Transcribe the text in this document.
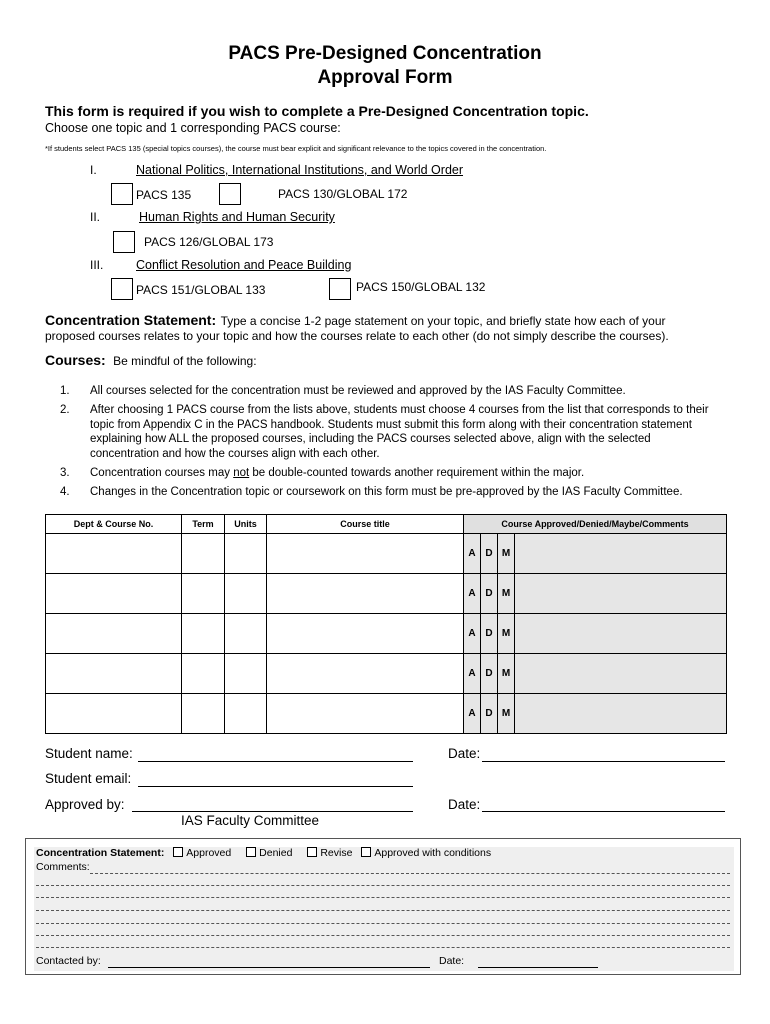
PACS Pre-Designed Concentration
Approval Form
This form is required if you wish to complete a Pre-Designed Concentration topic.
Choose one topic and 1 corresponding PACS course:
*If students select PACS 135 (special topics courses), the course must bear explicit and significant relevance to the topics covered in the concentration.
I.	National Politics, International Institutions, and World Order
PACS 135	PACS 130/GLOBAL 172
II.	Human Rights and Human Security
PACS 126/GLOBAL 173
III.	Conflict Resolution and Peace Building
PACS 151/GLOBAL 133	PACS 150/GLOBAL 132
Concentration Statement: Type a concise 1-2 page statement on your topic, and briefly state how each of your
proposed courses relates to your topic and how the courses relate to each other (do not simply describe the courses).
Courses: Be mindful of the following:
1. All courses selected for the concentration must be reviewed and approved by the IAS Faculty Committee.
2. After choosing 1 PACS course from the lists above, students must choose 4 courses from the list that corresponds to their topic from Appendix C in the PACS handbook. Students must submit this form along with their concentration statement explaining how ALL the proposed courses, including the PACS courses selected above, align with the selected concentration and how the courses align with each other.
3. Concentration courses may not be double-counted towards another requirement within the major.
4. Changes in the Concentration topic or coursework on this form must be pre-approved by the IAS Faculty Committee.
Dept & Course No.	Term	Units	Course title	Course Approved/Denied/Maybe/Comments			
				A	D	M	
				A	D	M	
				A	D	M	
				A	D	M	
				A	D	M	
Student name:	Date:
Student email:
Approved by:	Date:
IAS Faculty Committee
Concentration Statement: Approved	Denied	Revise Approved with conditions
Comments:
Contacted by:	Date:
